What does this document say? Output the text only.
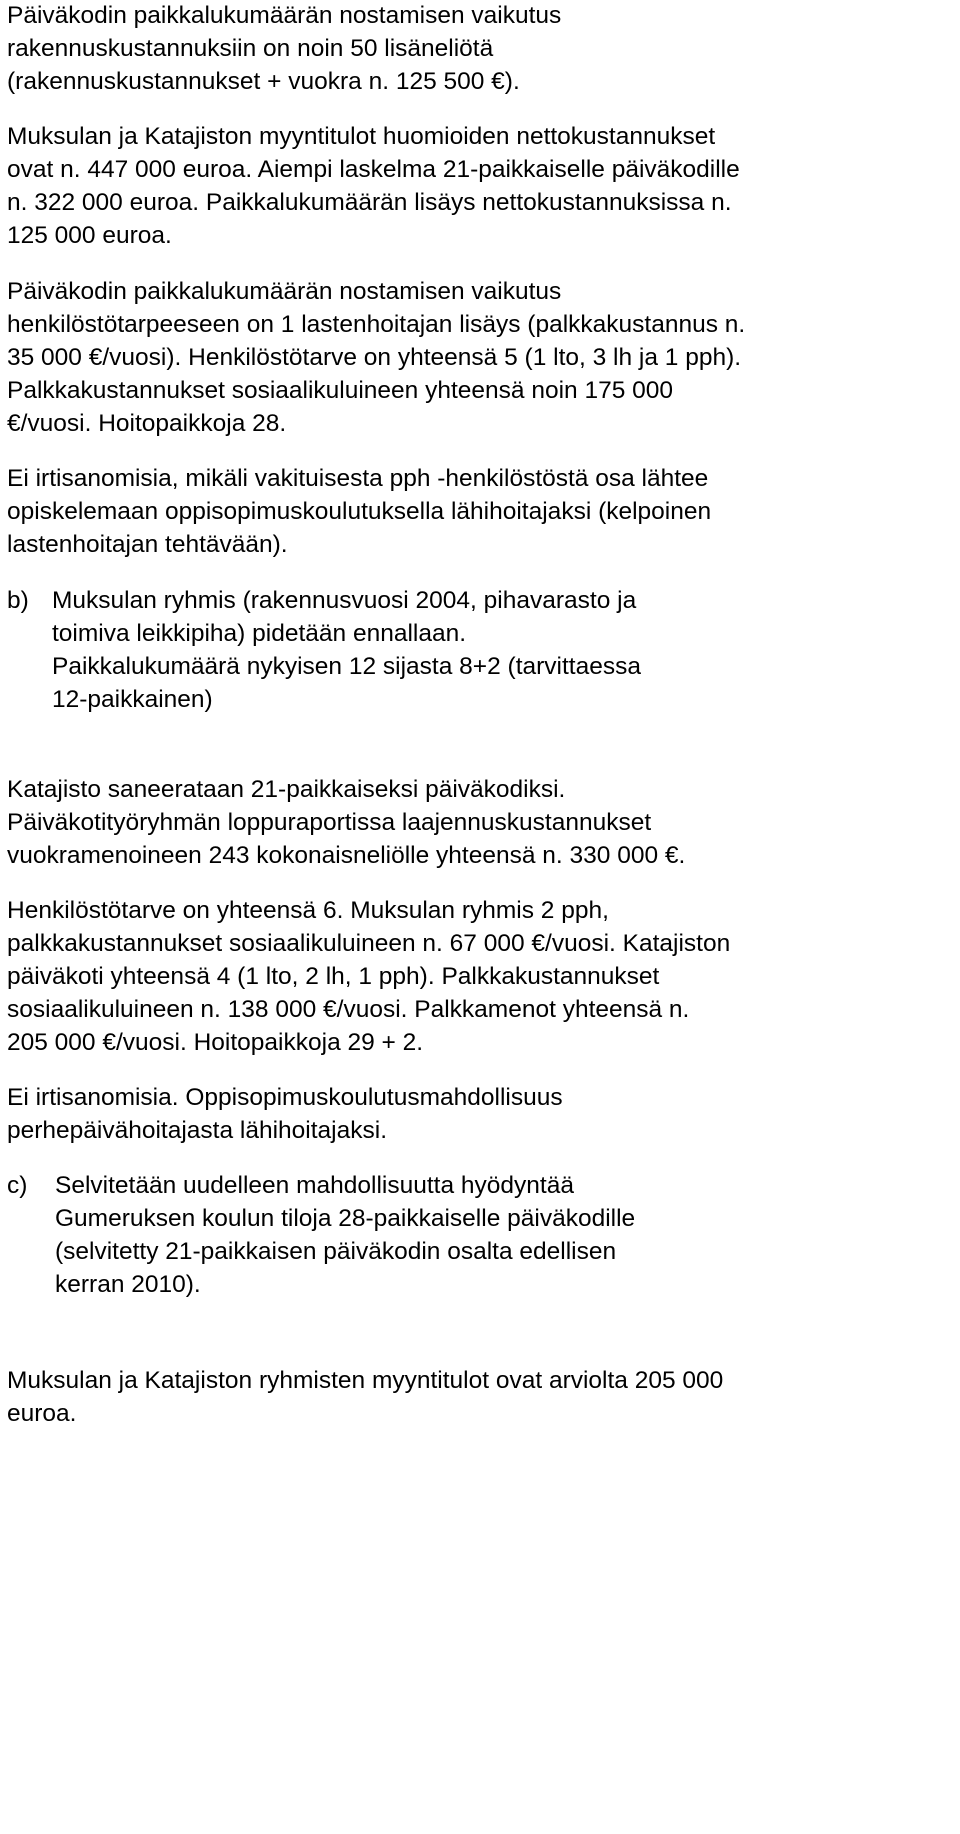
Päiväkodin paikkalukumäärän nostamisen vaikutus
rakennuskustannuksiin on noin 50 lisäneliötä
(rakennuskustannukset + vuokra n. 125 500 €).
Muksulan ja Katajiston myyntitulot huomioiden nettokustannukset
ovat n. 447 000 euroa. Aiempi laskelma 21-paikkaiselle päiväkodille
n. 322 000 euroa. Paikkalukumäärän lisäys nettokustannuksissa n.
125 000 euroa.
Päiväkodin paikkalukumäärän nostamisen vaikutus
henkilöstötarpeeseen on 1 lastenhoitajan lisäys (palkkakustannus n.
35 000 €/vuosi). Henkilöstötarve on yhteensä 5 (1 lto, 3 lh ja 1 pph).
Palkkakustannukset sosiaalikuluineen yhteensä noin 175 000
€/vuosi. Hoitopaikkoja 28.
Ei irtisanomisia, mikäli vakituisesta pph -henkilöstöstä osa lähtee
opiskelemaan oppisopimuskoulutuksella lähihoitajaksi (kelpoinen
lastenhoitajan tehtävään).
b) Muksulan ryhmis (rakennusvuosi 2004, pihavarasto ja
toimiva leikkipiha) pidetään ennallaan.
Paikkalukumäärä nykyisen 12 sijasta 8+2 (tarvittaessa
12-paikkainen)
Katajisto saneerataan 21-paikkaiseksi päiväkodiksi.
Päiväkotityöryhmän loppuraportissa laajennuskustannukset
vuokramenoineen 243 kokonaisneliölle yhteensä n. 330 000 €.
Henkilöstötarve on yhteensä 6. Muksulan ryhmis 2 pph,
palkkakustannukset sosiaalikuluineen n. 67 000 €/vuosi. Katajiston
päiväkoti yhteensä 4 (1 lto, 2 lh, 1 pph). Palkkakustannukset
sosiaalikuluineen n. 138 000 €/vuosi. Palkkamenot yhteensä n.
205 000 €/vuosi. Hoitopaikkoja 29 + 2.
Ei irtisanomisia. Oppisopimuskoulutusmahdollisuus
perhepäivähoitajasta lähihoitajaksi.
c) Selvitetään uudelleen mahdollisuutta hyödyntää
Gumeruksen koulun tiloja 28-paikkaiselle päiväkodille
(selvitetty 21-paikkaisen päiväkodin osalta edellisen
kerran 2010).
Muksulan ja Katajiston ryhmisten myyntitulot ovat arviolta 205 000
euroa.
